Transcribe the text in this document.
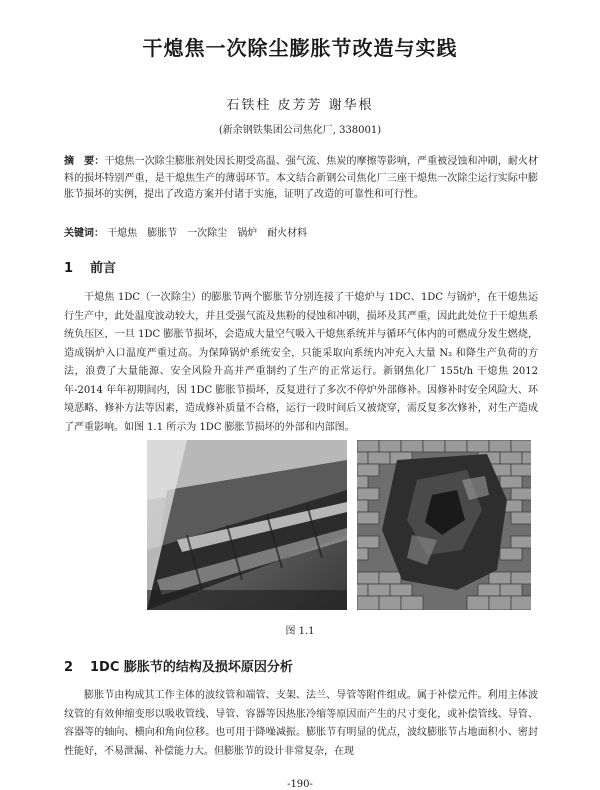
干熄焦一次除尘膨胀节改造与实践
石铁柱 皮芳芳 谢华根
(新余钢铁集团公司焦化厂, 338001)
摘　要：干熄焦一次除尘膨胀剂处因长期受高温、强气流、焦炭的摩擦等影响，严重被浸蚀和冲刷，耐火材料的损坏特别严重，是干熄焦生产的薄弱环节。本文结合新钢公司焦化厂三座干熄焦一次除尘运行实际中膨胀节损坏的实例，提出了改造方案并付诸于实施，证明了改造的可靠性和可行性。
关键词： 干熄焦 膨胀节 一次除尘 锅炉 耐火材料
1 前言
干熄焦 1DC（一次除尘）的膨胀节两个膨胀节分别连接了干熄炉与 1DC、1DC 与锅炉，在干熄焦运行生产中，此处温度波动较大，并且受强气流及焦粉的侵蚀和冲刷，损坏及其严重，因此此处位于干熄焦系统负压区，一旦 1DC 膨胀节损坏，会造成大量空气吸入干熄焦系统并与循环气体内的可燃成分发生燃烧，造成锅炉入口温度严重过高。为保障锅炉系统安全，只能采取向系统内冲充入大量 N₂ 和降生产负荷的方法，浪费了大量能源、安全风险升高并严重制约了生产的正常运行。新钢焦化厂 155t/h 干熄焦 2012 年-2014 年年初期间内，因 1DC 膨胀节损坏，反复进行了多次不停炉外部修补。因修补时安全风险大、环境恶略、修补方法等因素，造成修补质量不合格，运行一段时间后又被烧穿，需反复多次修补，对生产造成了严重影响。如图 1.1 所示为 1DC 膨胀节损坏的外部和内部图。
图 1.1
2 1DC 膨胀节的结构及损坏原因分析
膨胀节由构成其工作主体的波纹管和端管、支架、法兰、导管等附件组成。属于补偿元件。利用主体波纹管的有效伸缩变形以吸收管线、导管、容器等因热胀冷缩等原因而产生的尺寸变化，或补偿管线、导管、容器等的轴向、横向和角向位移。也可用于降噪减振。膨胀节有明显的优点，波纹膨胀节占地面积小、密封性能好，不易泄漏、补偿能力大。但膨胀节的设计非常复杂，在现
-190-
